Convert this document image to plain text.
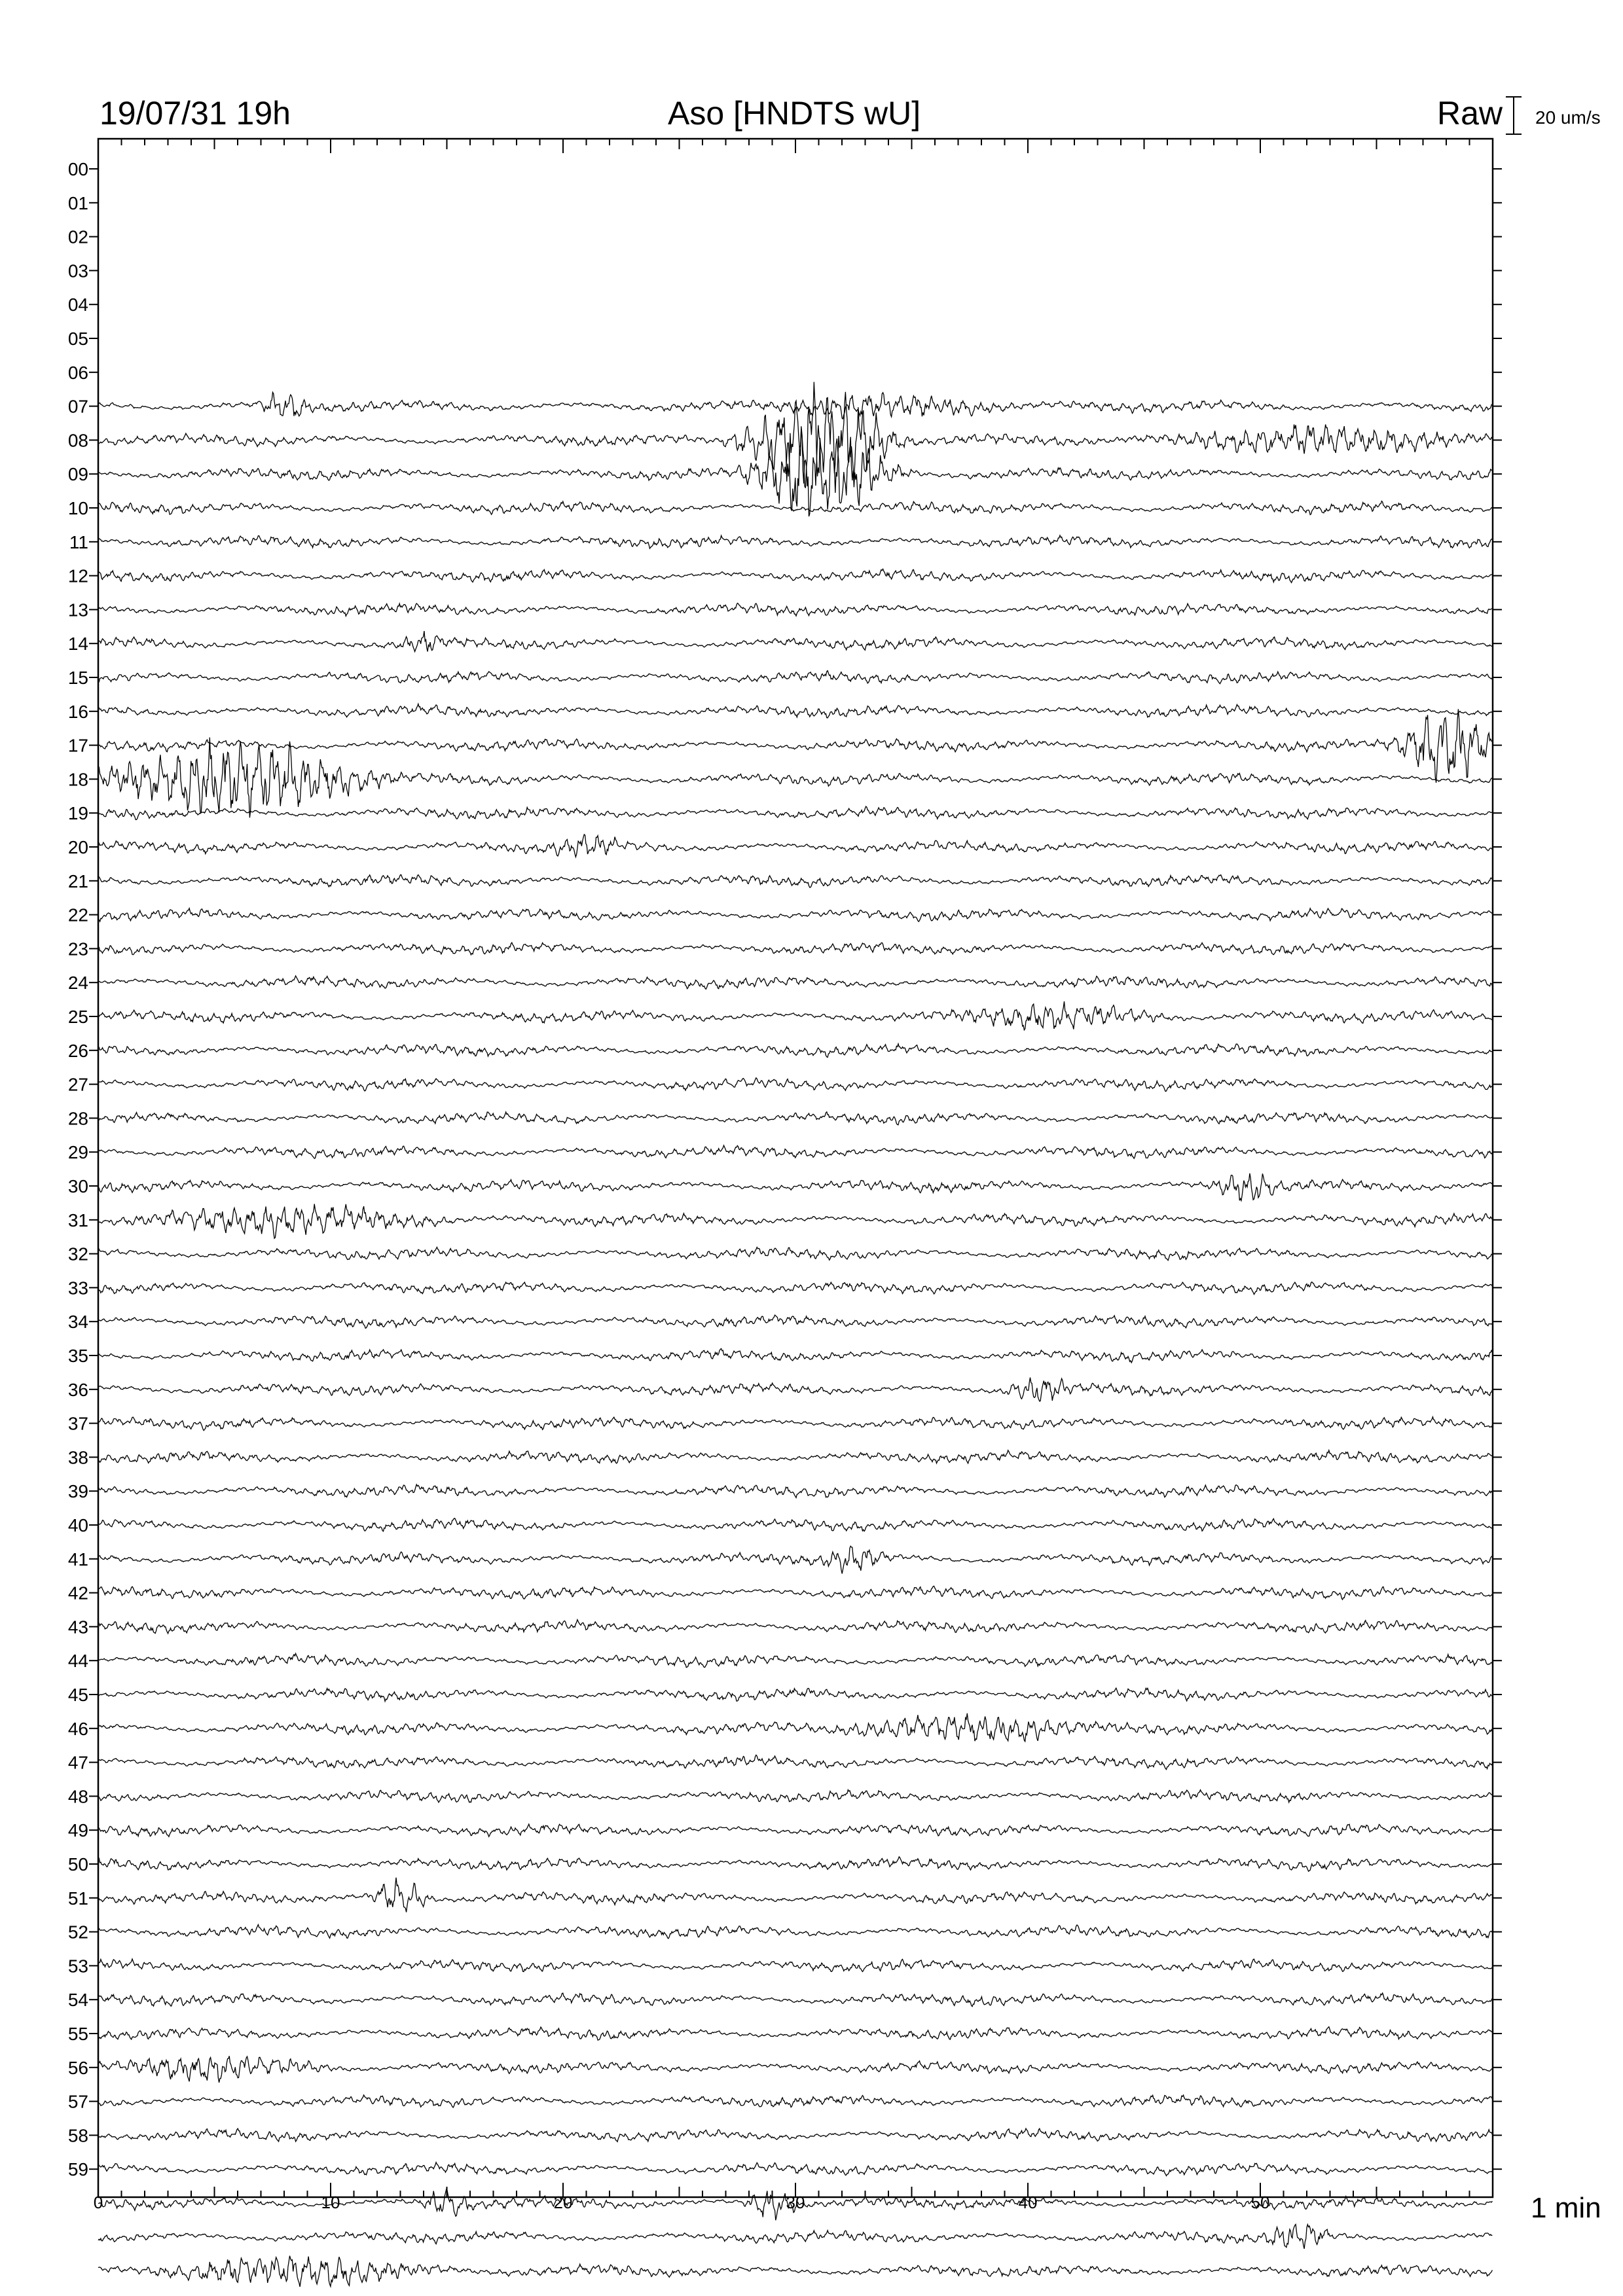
00
01
02
03
04
05
06
07
08
09
10
11
12
13
14
15
16
17
18
19
20
21
22
23
24
25
26
27
28
29
30
31
32
33
34
35
36
37
38
39
40
41
42
43
44
45
46
47
48
49
50
51
52
53
54
55
56
57
58
59
0	10	20	30	40	50
19/07/31 19h	Aso [HNDTS wU]	Raw 20 um/s
1 min
